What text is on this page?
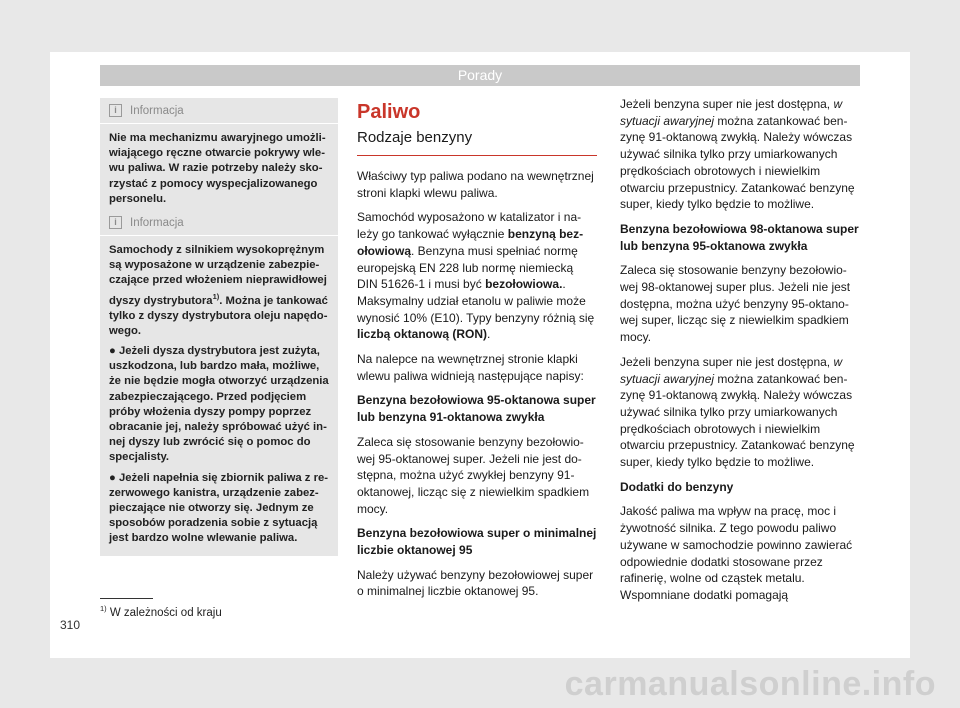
Porady
i	Informacja

Nie ma mechanizmu awaryjnego umożliwiającego ręczne otwarcie pokrywy wlewu paliwa. W razie potrzeby należy skorzystać z pomocy wyspecjalizowanego personelu.

i	Informacja

Samochody z silnikiem wysokoprężnym są wyposażone w urządzenie zabezpieczające przed włożeniem nieprawidłowej dyszy dystrybutora$^{1)}$. Można je tankować tylko z dyszy dystrybutora oleju napędowego.

● Jeżeli dysza dystrybutora jest zużyta, uszkodzona, lub bardzo mała, możliwe, że nie będzie mogła otworzyć urządzenia zabezpieczającego. Przed podjęciem próby włożenia dyszy pompy poprzez obracanie jej, należy spróbować użyć innej dyszy lub zwrócić się o pomoc do specjalisty.

● Jeżeli napełnia się zbiornik paliwa z rezerwowego kanistra, urządzenie zabezpieczające nie otworzy się. Jednym ze sposobów poradzenia sobie z sytuacją jest bardzo wolne wlewanie paliwa.

Paliwo
Rodzaje benzyny

Właściwy typ paliwa podano na wewnętrznej stroni klapki wlewu paliwa.

Samochód wyposażono w katalizator i należy go tankować wyłącznie benzyną bezołowiową. Benzyna musi spełniać normę europejską EN 228 lub normę niemiecką DIN 51626-1 i musi być bezołowiowa.. Maksymalny udział etanolu w paliwie może wynosić 10% (E10). Typy benzyny różnią się liczbą oktanową (RON).

Na nalepce na wewnętrznej stronie klapki wlewu paliwa widnieją następujące napisy:

Benzyna bezołowiowa 95-oktanowa super lub benzyna 91-oktanowa zwykła

Zaleca się stosowanie benzyny bezołowiowej 95-oktanowej super. Jeżeli nie jest dostępna, można użyć zwykłej benzyny 91-oktanowej, licząc się z niewielkim spadkiem mocy.

Benzyna bezołowiowa super o minimalnej liczbie oktanowej 95

Należy używać benzyny bezołowiowej super o minimalnej liczbie oktanowej 95.

Jeżeli benzyna super nie jest dostępna, w sytuacji awaryjnej można zatankować benzynę 91-oktanową zwykłą. Należy wówczas używać silnika tylko przy umiarkowanych prędkościach obrotowych i niewielkim otwarciu przepustnicy. Zatankować benzynę super, kiedy tylko będzie to możliwe.

Benzyna bezołowiowa 98-oktanowa super lub benzyna 95-oktanowa zwykła

Zaleca się stosowanie benzyny bezołowiowej 98-oktanowej super plus. Jeżeli nie jest dostępna, można użyć benzyny 95-oktanowej super, licząc się z niewielkim spadkiem mocy.

Jeżeli benzyna super nie jest dostępna, w sytuacji awaryjnej można zatankować benzynę 91-oktanową zwykłą. Należy wówczas używać silnika tylko przy umiarkowanych prędkościach obrotowych i niewielkim otwarciu przepustnicy. Zatankować benzynę super, kiedy tylko będzie to możliwe.

Dodatki do benzyny

Jakość paliwa ma wpływ na pracę, moc i żywotność silnika. Z tego powodu paliwo używane w samochodzie powinno zawierać odpowiednie dodatki stosowane przez rafinerię, wolne od cząstek metalu. Wspomniane dodatki pomagają

$^{1)}$ W zależności od kraju
310
carmanualsonline.info
